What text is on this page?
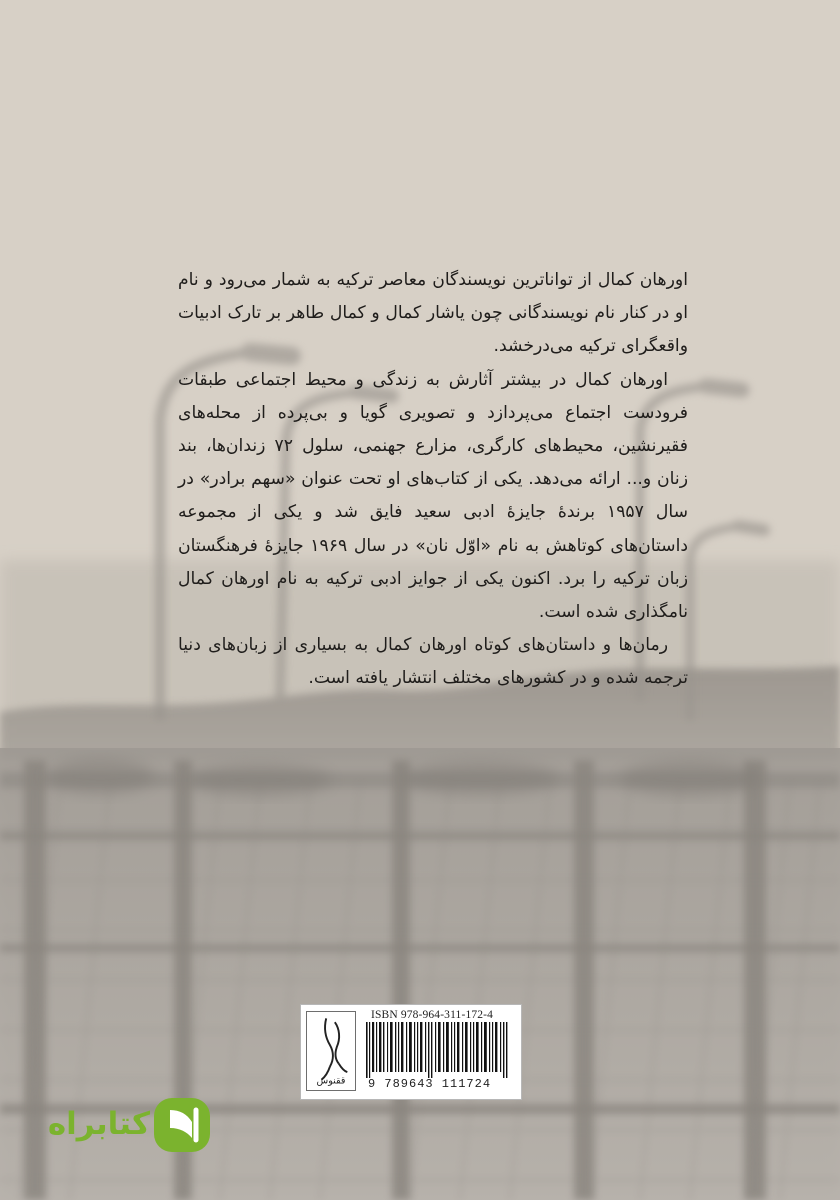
اورهان کمال از تواناترین نویسندگان معاصر ترکیه به شمار می‌رود و نام او در کنار نام نویسندگانی چون یاشار کمال و کمال طاهر بر تارک ادبیات واقعگرای ترکیه می‌درخشد.

اورهان کمال در بیشتر آثارش به زندگی و محیط اجتماعی طبقات فرودست اجتماع می‌پردازد و تصویری گویا و بی‌پرده از محله‌های فقیرنشین، محیط‌های کارگری، مزارع جهنمی، سلول ۷۲ زندان‌ها، بند زنان و... ارائه می‌دهد. یکی از کتاب‌های او تحت عنوان «سهم برادر» در سال ۱۹۵۷ برندهٔ جایزهٔ ادبی سعید فایق شد و یکی از مجموعه داستان‌های کوتاهش به نام «اوّل نان» در سال ۱۹۶۹ جایزهٔ فرهنگستان زبان ترکیه را برد. اکنون یکی از جوایز ادبی ترکیه به نام اورهان کمال نامگذاری شده است.

رمان‌ها و داستان‌های کوتاه اورهان کمال به بسیاری از زبان‌های دنیا ترجمه شده و در کشورهای مختلف انتشار یافته است.

ققنوس
ISBN 978-964-311-172-4
9 789643 111724
کتابراه
